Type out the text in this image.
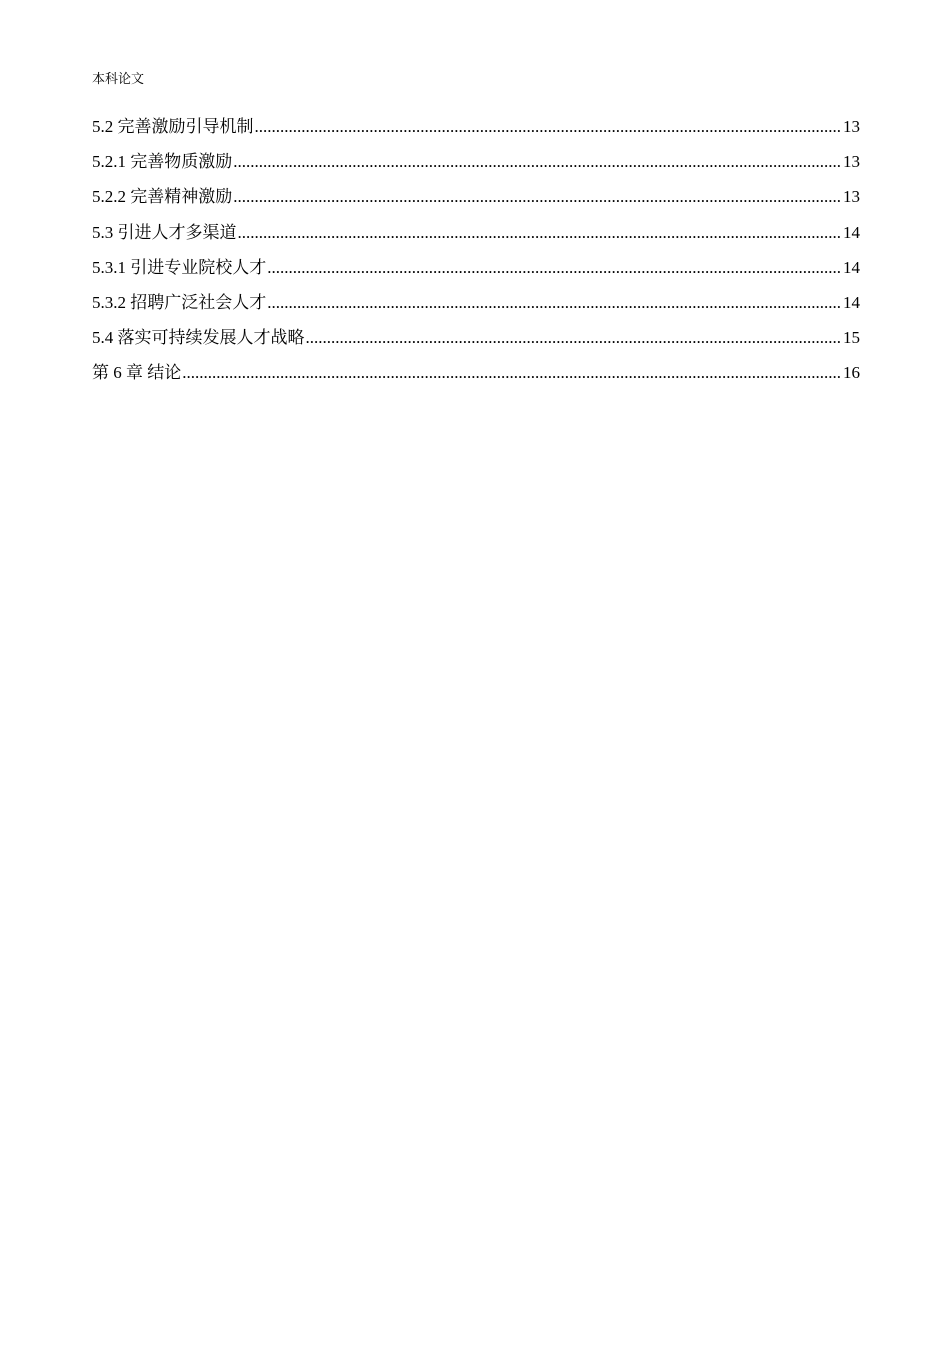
本科论文
5.2 完善激励引导机制 .....	13
5.2.1 完善物质激励 .....	13
5.2.2 完善精神激励 .....	13
5.3 引进人才多渠道 .....	14
5.3.1 引进专业院校人才 .....	14
5.3.2 招聘广泛社会人才 .....	14
5.4 落实可持续发展人才战略 .....	15
第 6 章 结论 .....	16
